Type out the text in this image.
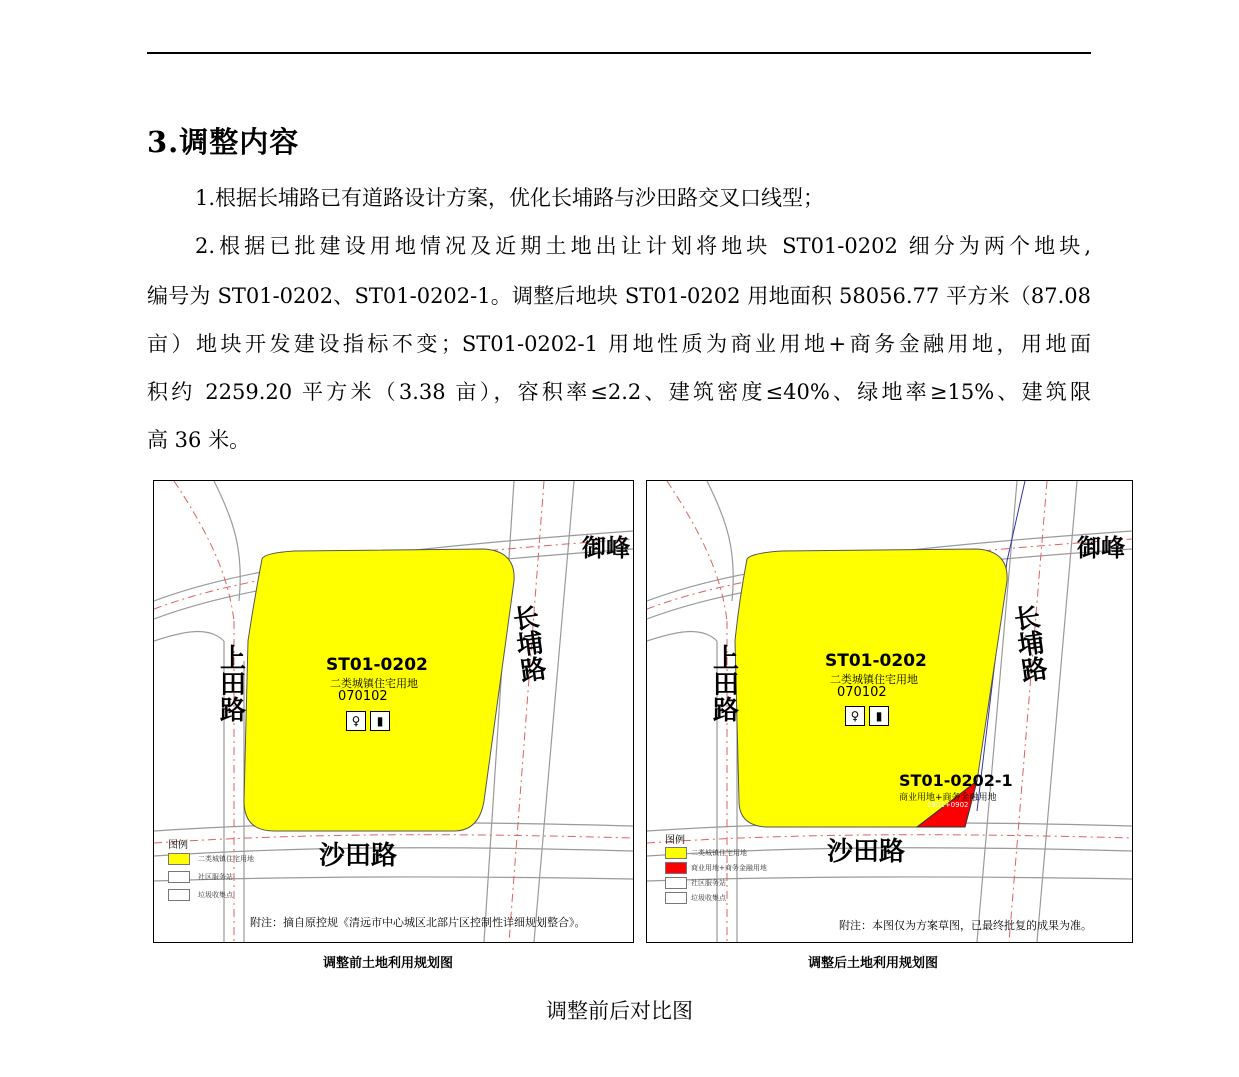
3.调整内容
1.根据长埔路已有道路设计方案，优化长埔路与沙田路交叉口线型；
2.根据已批建设用地情况及近期土地出让计划将地块 ST01-0202 细分为两个地块,
编号为 ST01-0202、ST01-0202-1。调整后地块 ST01-0202 用地面积 58056.77 平方米（87.08
亩）地块开发建设指标不变；ST01-0202-1 用地性质为商业用地+商务金融用地，用地面
积约 2259.20 平方米（3.38 亩），容积率≤2.2、建筑密度≤40%、绿地率≥15%、建筑限
高 36 米。
御峰
长埔路
上田路
沙田路
ST01-0202
二类城镇住宅用地
070102
♀	▮
图例
二类城镇住宅用地
社区服务站
垃圾收集点
附注：摘自原控规《清远市中心城区北部片区控制性详细规划整合》。
调整前土地利用规划图
御峰
长埔路
上田路
沙田路
ST01-0202
二类城镇住宅用地
070102
♀	▮
ST01-0202-1
商业用地+商务金融用地
0901+0902
图例
二类城镇住宅用地
商业用地+商务金融用地
社区服务站
垃圾收集点
附注：本图仅为方案草图，已最终批复的成果为准。
调整后土地利用规划图
调整前后对比图
